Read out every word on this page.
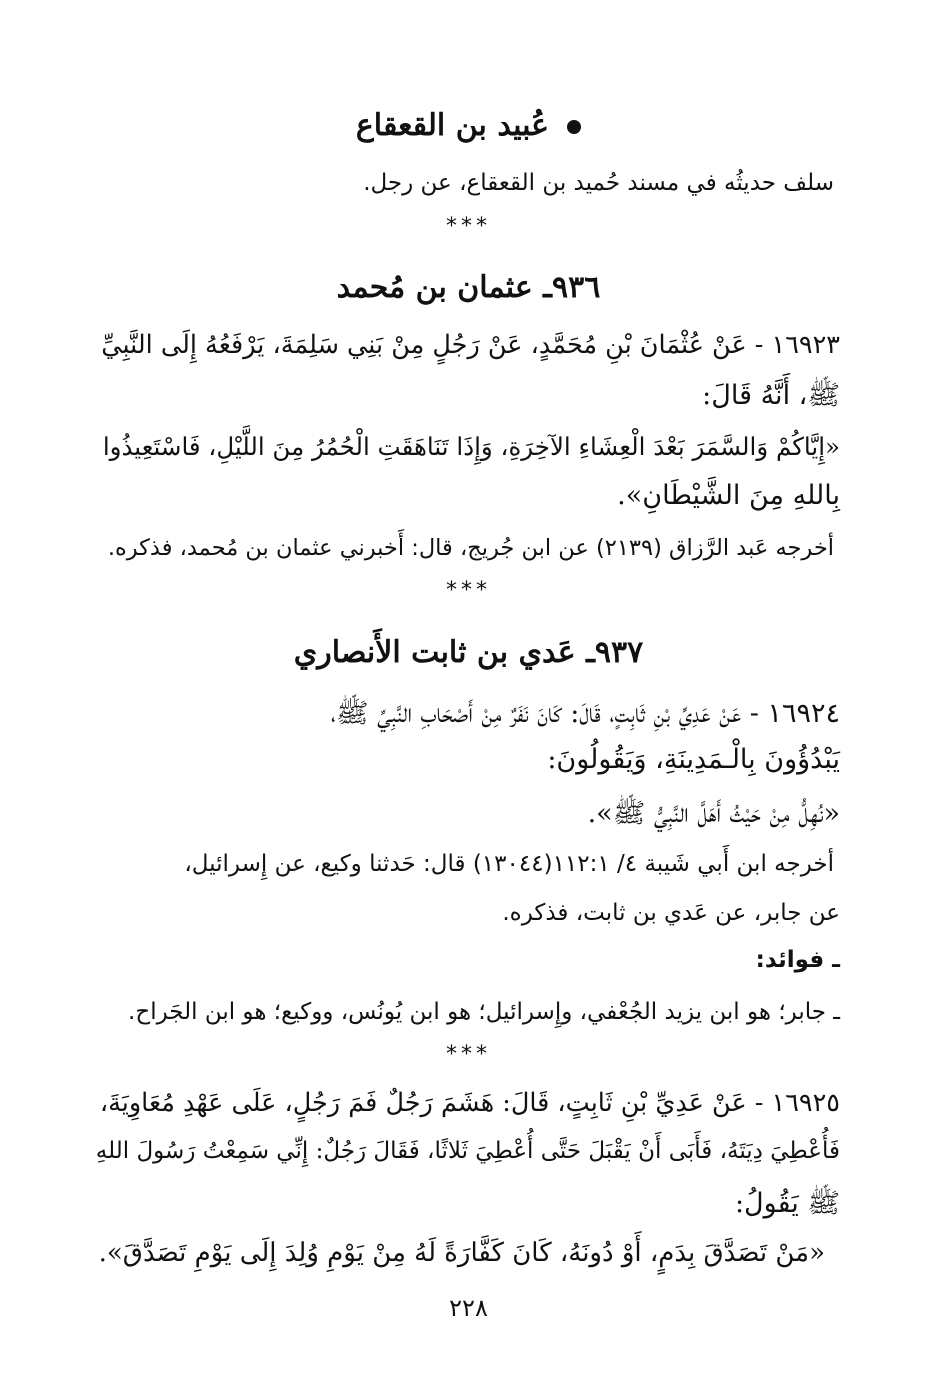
عُبيد بن القعقاع
سلف حديثُه في مسند حُميد بن القعقاع، عن رجل.
***
٩٣٦ـ عثمان بن مُحمد
١٦٩٢٣ - عَنْ عُثْمَانَ بْنِ مُحَمَّدٍ، عَنْ رَجُلٍ مِنْ بَنِي سَلِمَةَ، يَرْفَعُهُ إِلَى النَّبِيِّ
ﷺ، أَنَّهُ قَالَ:
«إِيَّاكُمْ وَالسَّمَرَ بَعْدَ الْعِشَاءِ الآخِرَةِ، وَإِذَا تَنَاهَقَتِ الْحُمُرُ مِنَ اللَّيْلِ، فَاسْتَعِيذُوا
بِاللهِ مِنَ الشَّيْطَانِ».
أخرجه عَبد الرَّزاق (٢١٣٩) عن ابن جُريج، قال: أَخبرني عثمان بن مُحمد، فذكره.
***
٩٣٧ـ عَدي بن ثابت الأَنصاري
١٦٩٢٤ - عَنْ عَدِيِّ بْنِ ثَابِتٍ، قَالَ: كَانَ نَفَرٌ مِنْ أَصْحَابِ النَّبِيِّ ﷺ،
يَبْدُؤُونَ بِالْـمَدِينَةِ، وَيَقُولُونَ:
«نُهِلُّ مِنْ حَيْثُ أَهَلَّ النَّبِيُّ ﷺ».
أخرجه ابن أَبي شَيبة ٤/ ١١٢:١(١٣٠٤٤) قال: حَدثنا وكيع، عن إِسرائيل،
عن جابر، عن عَدي بن ثابت، فذكره.
ـ فوائد:
ـ جابر؛ هو ابن يزيد الجُعْفي، وإِسرائيل؛ هو ابن يُونُس، ووكيع؛ هو ابن الجَراح.
***
١٦٩٢٥ - عَنْ عَدِيِّ بْنِ ثَابِتٍ، قَالَ: هَشَمَ رَجُلٌ فَمَ رَجُلٍ، عَلَى عَهْدِ مُعَاوِيَةَ،
فَأُعْطِيَ دِيَتَهُ، فَأَبَى أَنْ يَقْبَلَ حَتَّى أُعْطِيَ ثَلاثًا، فَقَالَ رَجُلٌ: إِنِّي سَمِعْتُ رَسُولَ اللهِ
ﷺ يَقُولُ:
«مَنْ تَصَدَّقَ بِدَمٍ، أَوْ دُونَهُ، كَانَ كَفَّارَةً لَهُ مِنْ يَوْمِ وُلِدَ إِلَى يَوْمِ تَصَدَّقَ».
٢٢٨
